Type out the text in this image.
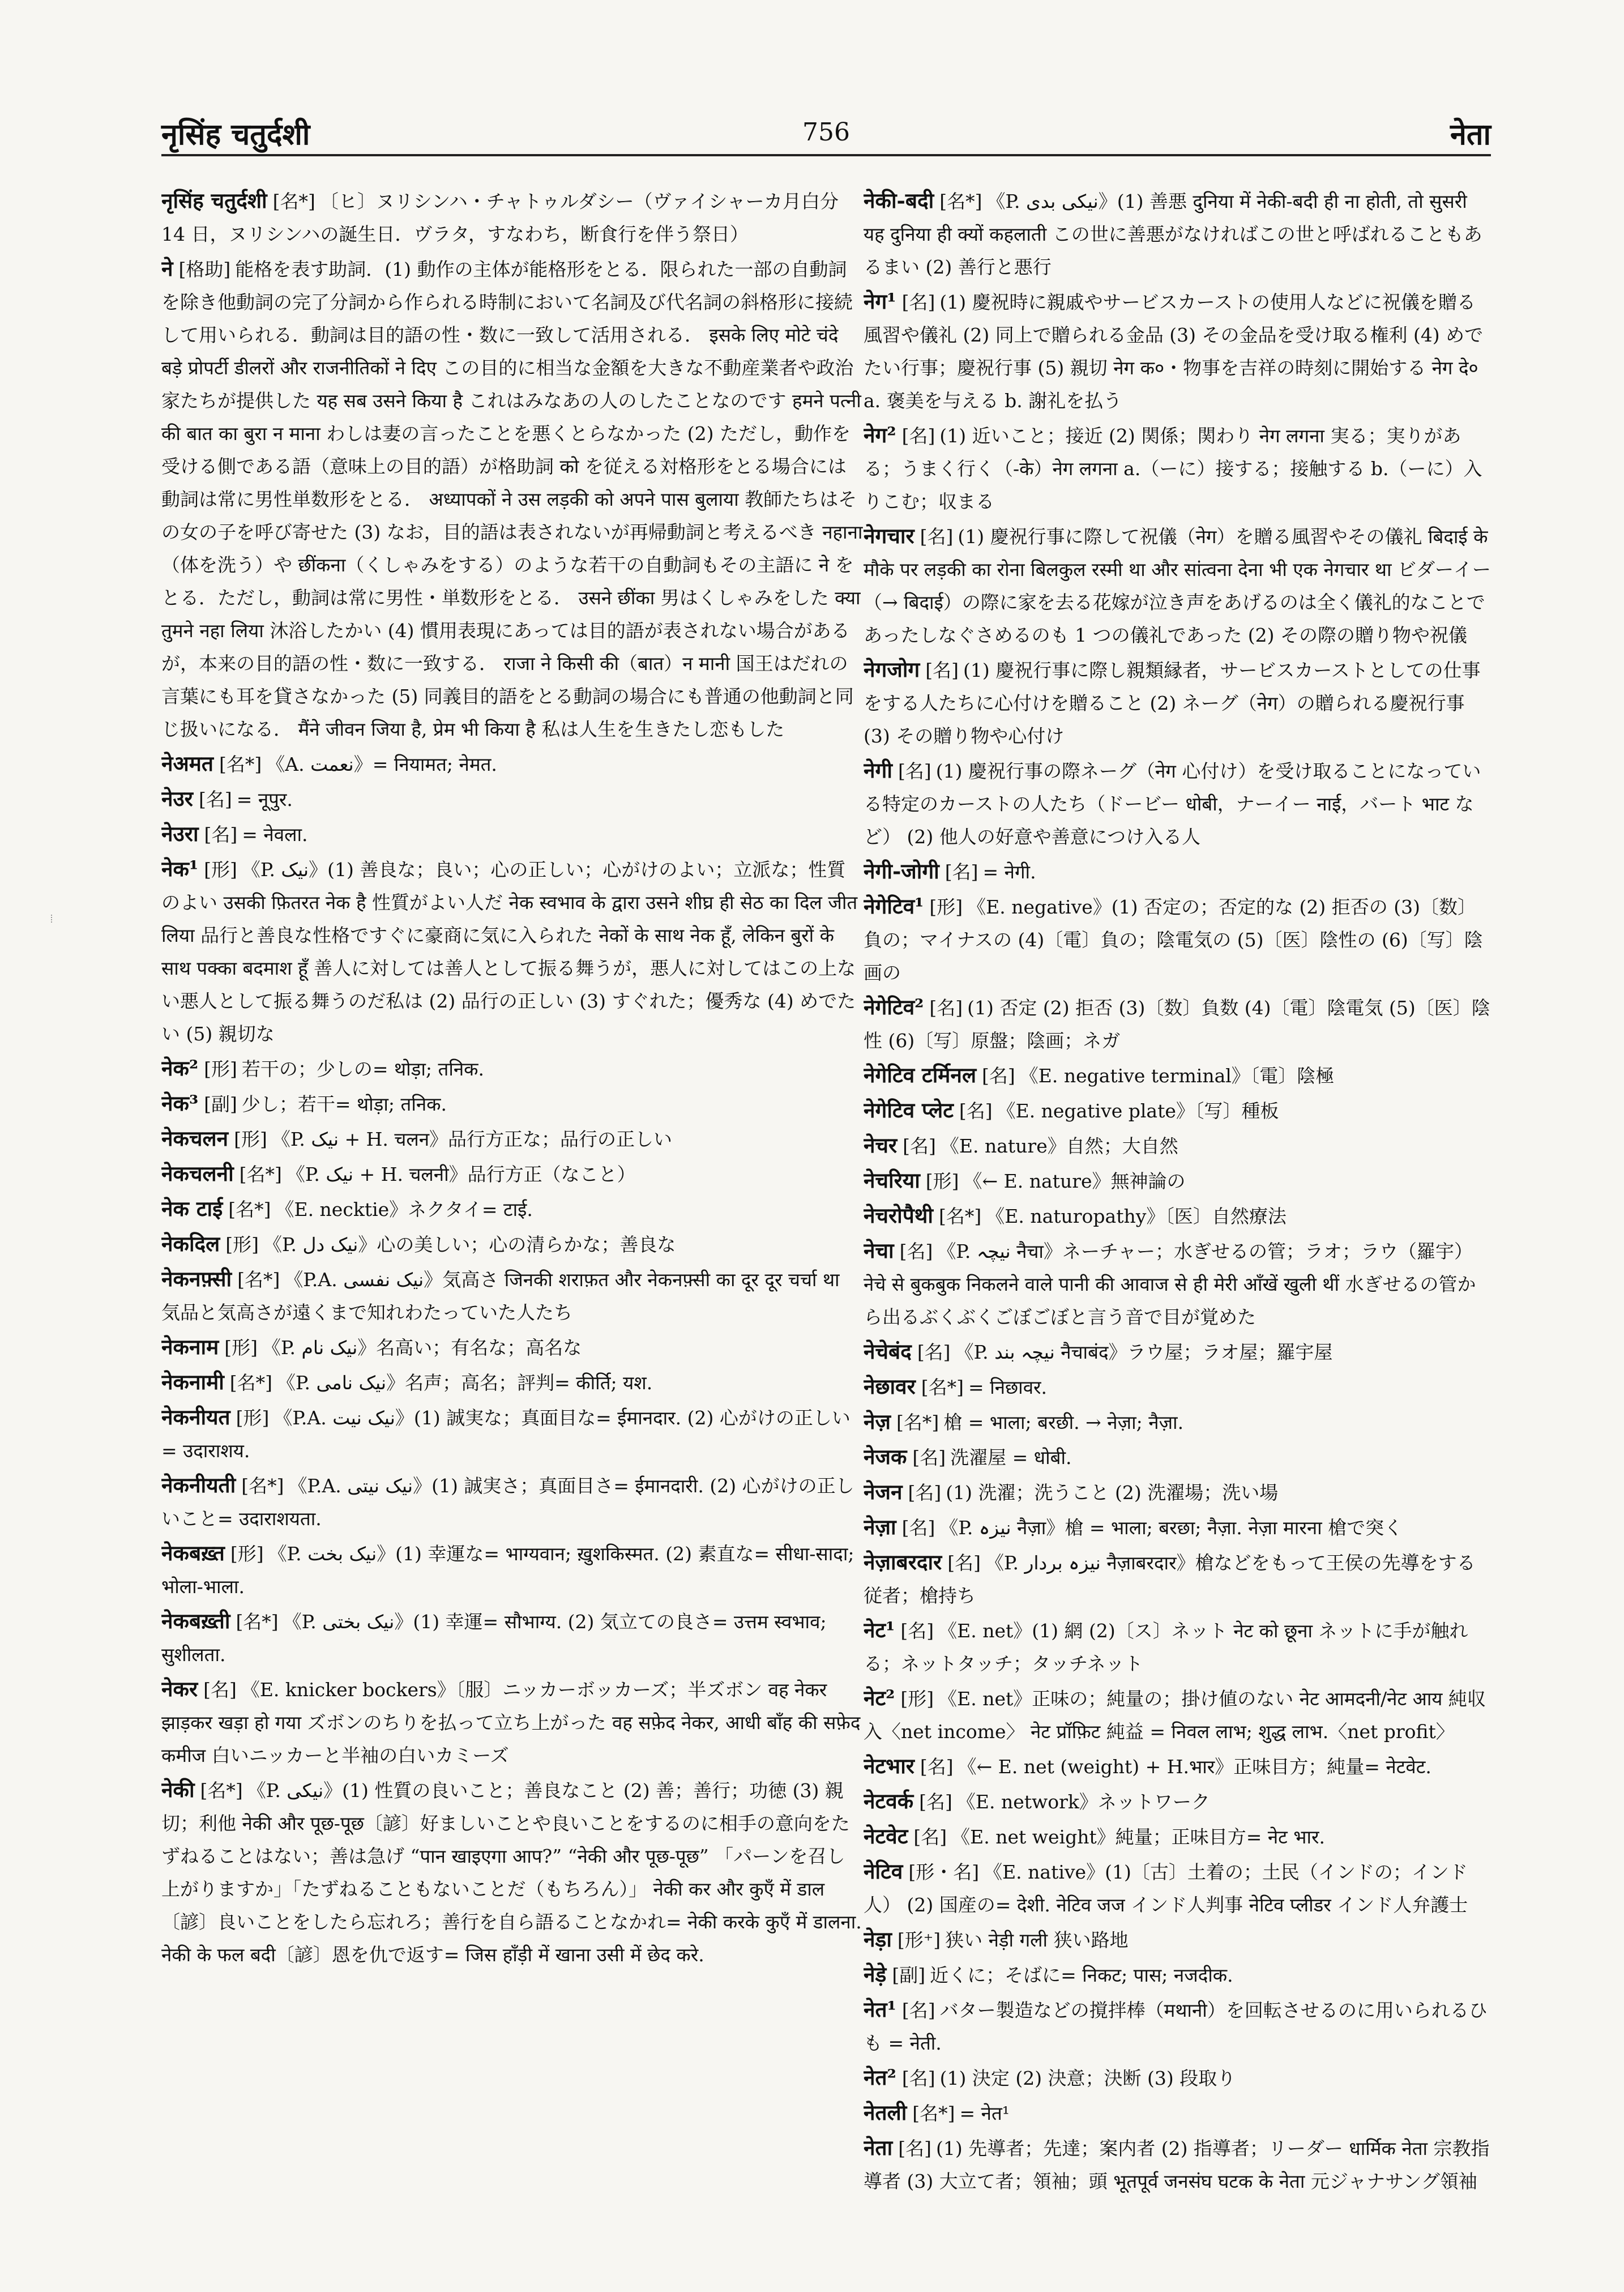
नृसिंह चतुर्दशी	756	नेता
नृसिंह चतुर्दशी [名*] 〔ヒ〕ヌリシンハ・チャトゥルダシー（ヴァイシャーカ月白分 14 日，ヌリシンハの誕生日．ヴラタ，すなわち，断食行を伴う祭日）
ने [格助] 能格を表す助詞．(1) 動作の主体が能格形をとる．限られた一部の自動詞を除き他動詞の完了分詞から作られる時制において名詞及び代名詞の斜格形に接続して用いられる．動詞は目的語の性・数に一致して活用される． इसके लिए मोटे चंदे बड़े प्रोपर्टी डीलरों और राजनीतिकों ने दिए この目的に相当な金額を大きな不動産業者や政治家たちが提供した यह सब उसने किया है これはみなあの人のしたことなのです हमने पत्नी की बात का बुरा न माना わしは妻の言ったことを悪くとらなかった (2) ただし，動作を受ける側である語（意味上の目的語）が格助詞 को を従える対格形をとる場合には動詞は常に男性単数形をとる． अध्यापकों ने उस लड़की को अपने पास बुलाया 教師たちはその女の子を呼び寄せた (3) なお，目的語は表されないが再帰動詞と考えるべき नहाना（体を洗う）や छींकना（くしゃみをする）のような若干の自動詞もその主語に ने をとる．ただし，動詞は常に男性・単数形をとる． उसने छींका 男はくしゃみをした क्या तुमने नहा लिया 沐浴したかい (4) 慣用表現にあっては目的語が表されない場合があるが，本来の目的語の性・数に一致する． राजा ने किसी की（बात）न मानी 国王はだれの言葉にも耳を貸さなかった (5) 同義目的語をとる動詞の場合にも普通の他動詞と同じ扱いになる． मैंने जीवन जिया है, प्रेम भी किया है 私は人生を生きたし恋もした
नेअमत [名*] 《A. نعمت》= नियामत; नेमत.
नेउर [名] = नूपुर.
नेउरा [名] = नेवला.
नेक¹ [形] 《P. نیک》(1) 善良な；良い；心の正しい；心がけのよい；立派な；性質のよい उसकी फ़ितरत नेक है 性質がよい人だ नेक स्वभाव के द्वारा उसने शीघ्र ही सेठ का दिल जीत लिया 品行と善良な性格ですぐに豪商に気に入られた नेकों के साथ नेक हूँ, लेकिन बुरों के साथ पक्का बदमाश हूँ 善人に対しては善人として振る舞うが，悪人に対してはこの上ない悪人として振る舞うのだ私は (2) 品行の正しい (3) すぐれた；優秀な (4) めでたい (5) 親切な
नेक² [形] 若干の；少しの= थोड़ा; तनिक.
नेक³ [副] 少し；若干= थोड़ा; तनिक.
नेकचलन [形] 《P. نیک + H. चलन》品行方正な；品行の正しい
नेकचलनी [名*] 《P. نیک + H. चलनी》品行方正（なこと）
नेक टाई [名*] 《E. necktie》ネクタイ= टाई.
नेकदिल [形] 《P. نیک دل》心の美しい；心の清らかな；善良な
नेकनफ़्सी [名*] 《P.A. نیک نفسی》気高さ जिनकी शराफ़त और नेकनफ़्सी का दूर दूर चर्चा था 気品と気高さが遠くまで知れわたっていた人たち
नेकनाम [形] 《P. نیک نام》名高い；有名な；高名な
नेकनामी [名*] 《P. نیک نامی》名声；高名；評判= कीर्ति; यश.
नेकनीयत [形] 《P.A. نیک نیت》(1) 誠実な；真面目な= ईमानदार. (2) 心がけの正しい= उदाराशय.
नेकनीयती [名*] 《P.A. نیک نیتی》(1) 誠実さ；真面目さ= ईमानदारी. (2) 心がけの正しいこと= उदाराशयता.
नेकबख़्त [形] 《P. نیک بخت》(1) 幸運な= भाग्यवान; ख़ुशकिस्मत. (2) 素直な= सीधा-सादा; भोला-भाला.
नेकबख़्ती [名*] 《P. نیک بختی》(1) 幸運= सौभाग्य. (2) 気立ての良さ= उत्तम स्वभाव; सुशीलता.
नेकर [名] 《E. knicker bockers》〔服〕ニッカーボッカーズ；半ズボン वह नेकर झाड़कर खड़ा हो गया ズボンのちりを払って立ち上がった वह सफ़ेद नेकर, आधी बाँह की सफ़ेद कमीज 白いニッカーと半袖の白いカミーズ
नेकी [名*] 《P. نیکی》(1) 性質の良いこと；善良なこと (2) 善；善行；功徳 (3) 親切；利他 नेकी और पूछ-पूछ〔諺〕好ましいことや良いことをするのに相手の意向をたずねることはない；善は急げ “पान खाइएगा आप?” “नेकी और पूछ-पूछ” 「パーンを召し上がりますか」「たずねることもないことだ（もちろん）」 नेकी कर और कुएँ में डाल〔諺〕良いことをしたら忘れろ；善行を自ら語ることなかれ= नेकी करके कुएँ में डालना. नेकी के फल बदी〔諺〕恩を仇で返す= जिस हाँड़ी में खाना उसी में छेद करे.
नेकी-बदी [名*] 《P. نیکی بدی》(1) 善悪 दुनिया में नेकी-बदी ही ना होती, तो सुसरी यह दुनिया ही क्यों कहलाती この世に善悪がなければこの世と呼ばれることもあるまい (2) 善行と悪行
नेग¹ [名] (1) 慶祝時に親戚やサービスカーストの使用人などに祝儀を贈る風習や儀礼 (2) 同上で贈られる金品 (3) その金品を受け取る権利 (4) めでたい行事；慶祝行事 (5) 親切 नेग क०・物事を吉祥の時刻に開始する नेग दे० a. 褒美を与える b. 謝礼を払う
नेग² [名] (1) 近いこと；接近 (2) 関係；関わり नेग लगना 実る；実りがある；うまく行く（-के）नेग लगना a.（ーに）接する；接触する b.（ーに）入りこむ；収まる
नेगचार [名] (1) 慶祝行事に際して祝儀（नेग）を贈る風習やその儀礼 बिदाई के मौके पर लड़की का रोना बिलकुल रस्मी था और सांत्वना देना भी एक नेगचार था ビダーイー（→ बिदाई）の際に家を去る花嫁が泣き声をあげるのは全く儀礼的なことであったしなぐさめるのも 1 つの儀礼であった (2) その際の贈り物や祝儀
नेगजोग [名] (1) 慶祝行事に際し親類縁者，サービスカーストとしての仕事をする人たちに心付けを贈ること (2) ネーグ（नेग）の贈られる慶祝行事 (3) その贈り物や心付け
नेगी [名] (1) 慶祝行事の際ネーグ（नेग 心付け）を受け取ることになっている特定のカーストの人たち（ドービー धोबी，ナーイー नाई，バート भाट など） (2) 他人の好意や善意につけ入る人
नेगी-जोगी [名] = नेगी.
नेगेटिव¹ [形] 《E. negative》(1) 否定の；否定的な (2) 拒否の (3)〔数〕負の；マイナスの (4)〔電〕負の；陰電気の (5)〔医〕陰性の (6)〔写〕陰画の
नेगेटिव² [名] (1) 否定 (2) 拒否 (3)〔数〕負数 (4)〔電〕陰電気 (5)〔医〕陰性 (6)〔写〕原盤；陰画；ネガ
नेगेटिव टर्मिनल [名] 《E. negative terminal》〔電〕陰極
नेगेटिव प्लेट [名] 《E. negative plate》〔写〕種板
नेचर [名] 《E. nature》自然；大自然
नेचरिया [形] 《← E. nature》無神論の
नेचरोपैथी [名*] 《E. naturopathy》〔医〕自然療法
नेचा [名] 《P. نیچہ नैचा》ネーチャー；水ぎせるの管；ラオ；ラウ（羅宇） नेचे से बुकबुक निकलने वाले पानी की आवाज से ही मेरी आँखें खुली थीं 水ぎせるの管から出るぶくぶくごぼごぼと言う音で目が覚めた
नेचेबंद [名] 《P. نیچہ بند नैचाबंद》ラウ屋；ラオ屋；羅宇屋
नेछावर [名*] = निछावर.
नेज़ [名*] 槍 = भाला; बरछी. → नेज़ा; नैज़ा.
नेजक [名] 洗濯屋 = धोबी.
नेजन [名] (1) 洗濯；洗うこと (2) 洗濯場；洗い場
नेज़ा [名] 《P. نیزہ नैज़ा》槍 = भाला; बरछा; नैज़ा. नेज़ा मारना 槍で突く
नेज़ाबरदार [名] 《P. نیزہ بردار नैज़ाबरदार》槍などをもって王侯の先導をする従者；槍持ち
नेट¹ [名] 《E. net》(1) 網 (2)〔ス〕ネット नेट को छूना ネットに手が触れる；ネットタッチ；タッチネット
नेट² [形] 《E. net》正味の；純量の；掛け値のない नेट आमदनी/नेट आय 純収入〈net income〉 नेट प्रॉफ़िट 純益 = निवल लाभ; शुद्ध लाभ.〈net profit〉
नेटभार [名] 《← E. net (weight) + H.भार》正味目方；純量= नेटवेट.
नेटवर्क [名] 《E. network》ネットワーク
नेटवेट [名] 《E. net weight》純量；正味目方= नेट भार.
नेटिव [形・名] 《E. native》(1)〔古〕土着の；土民（インドの；インド人） (2) 国産の= देशी. नेटिव जज インド人判事 नेटिव प्लीडर インド人弁護士
नेड़ा [形⁺] 狭い नेड़ी गली 狭い路地
नेड़े [副] 近くに；そばに= निकट; पास; नजदीक.
नेत¹ [名] バター製造などの撹拌棒（मथानी）を回転させるのに用いられるひも = नेती.
नेत² [名] (1) 決定 (2) 決意；決断 (3) 段取り
नेतली [名*] = नेत¹
नेता [名] (1) 先導者；先達；案内者 (2) 指導者；リーダー धार्मिक नेता 宗教指導者 (3) 大立て者；領袖；頭 भूतपूर्व जनसंघ घटक के नेता 元ジャナサング領袖
